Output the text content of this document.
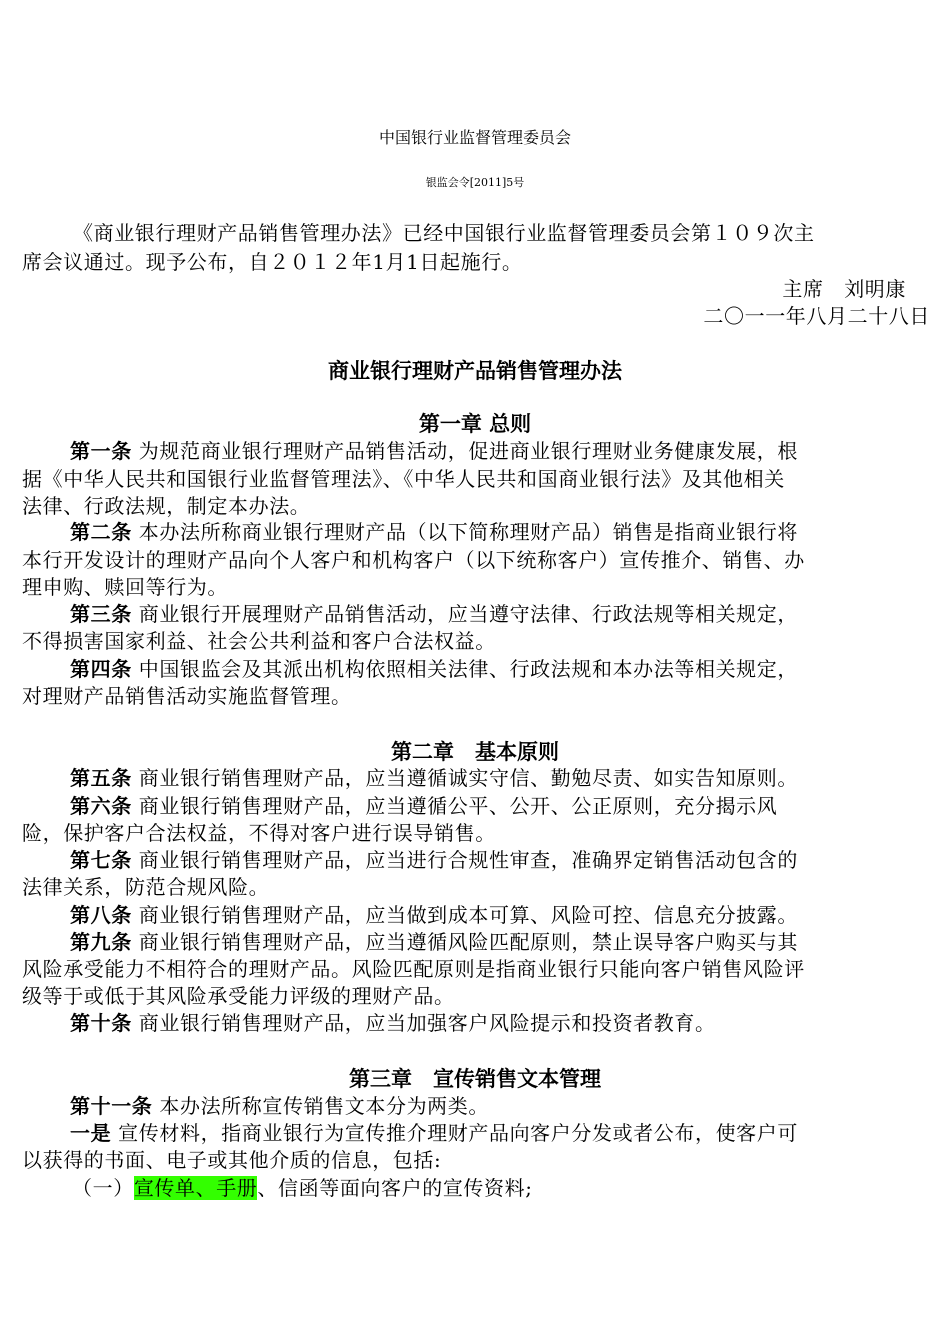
中国银行业监督管理委员会
银监会令[2011]5号
《商业银行理财产品销售管理办法》已经中国银行业监督管理委员会第１０９次主
席会议通过。现予公布，自２０１２年1月1日起施行。
主席　刘明康
二〇一一年八月二十八日
商业银行理财产品销售管理办法
第一章 总则
第一条 为规范商业银行理财产品销售活动，促进商业银行理财业务健康发展，根
据《中华人民共和国银行业监督管理法》、《中华人民共和国商业银行法》及其他相关
法律、行政法规，制定本办法。
第二条 本办法所称商业银行理财产品（以下简称理财产品）销售是指商业银行将
本行开发设计的理财产品向个人客户和机构客户（以下统称客户）宣传推介、销售、办
理申购、赎回等行为。
第三条 商业银行开展理财产品销售活动，应当遵守法律、行政法规等相关规定，
不得损害国家利益、社会公共利益和客户合法权益。
第四条 中国银监会及其派出机构依照相关法律、行政法规和本办法等相关规定，
对理财产品销售活动实施监督管理。
第二章　基本原则
第五条 商业银行销售理财产品，应当遵循诚实守信、勤勉尽责、如实告知原则。
第六条 商业银行销售理财产品，应当遵循公平、公开、公正原则，充分揭示风
险，保护客户合法权益，不得对客户进行误导销售。
第七条 商业银行销售理财产品，应当进行合规性审查，准确界定销售活动包含的
法律关系，防范合规风险。
第八条 商业银行销售理财产品，应当做到成本可算、风险可控、信息充分披露。
第九条 商业银行销售理财产品，应当遵循风险匹配原则，禁止误导客户购买与其
风险承受能力不相符合的理财产品。风险匹配原则是指商业银行只能向客户销售风险评
级等于或低于其风险承受能力评级的理财产品。
第十条 商业银行销售理财产品，应当加强客户风险提示和投资者教育。
第三章　宣传销售文本管理
第十一条 本办法所称宣传销售文本分为两类。
一是 宣传材料，指商业银行为宣传推介理财产品向客户分发或者公布，使客户可
以获得的书面、电子或其他介质的信息，包括:
（一）宣传单、手册、信函等面向客户的宣传资料;
